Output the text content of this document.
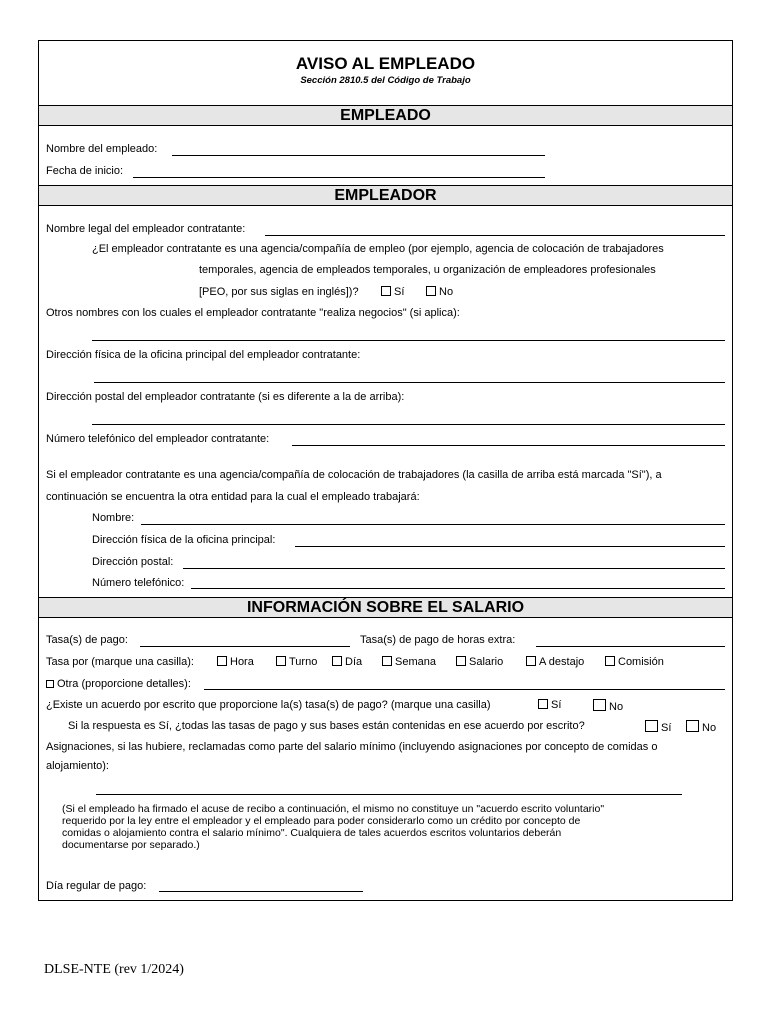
AVISO AL EMPLEADO
Sección 2810.5 del Código de Trabajo
EMPLEADO
Nombre del empleado:
Fecha de inicio:
EMPLEADOR
Nombre legal del empleador contratante:
¿El empleador contratante es una agencia/compañía de empleo (por ejemplo, agencia de colocación de trabajadores
temporales, agencia de empleados temporales, u organización de empleadores profesionales
[PEO, por sus siglas en inglés])?	Sí	No
Otros nombres con los cuales el empleador contratante "realiza negocios" (si aplica):
Dirección física de la oficina principal del empleador contratante:
Dirección postal del empleador contratante (si es diferente a la de arriba):
Número telefónico del empleador contratante:
Si el empleador contratante es una agencia/compañía de colocación de trabajadores (la casilla de arriba está marcada "Sí"), a
continuación se encuentra la otra entidad para la cual el empleado trabajará:
Nombre:
Dirección física de la oficina principal:
Dirección postal:
Número telefónico:
INFORMACIÓN SOBRE EL SALARIO
Tasa(s) de pago:	Tasa(s) de pago de horas extra:
Tasa por (marque una casilla):	Hora	Turno	Día	Semana	Salario	A destajo	Comisión
Otra (proporcione detalles):
¿Existe un acuerdo por escrito que proporcione la(s) tasa(s) de pago? (marque una casilla)	Sí	No
Si la respuesta es Sí, ¿todas las tasas de pago y sus bases están contenidas en ese acuerdo por escrito?	Sí	No
Asignaciones, si las hubiere, reclamadas como parte del salario mínimo (incluyendo asignaciones por concepto de comidas o
alojamiento):
(Si el empleado ha firmado el acuse de recibo a continuación, el mismo no constituye un "acuerdo escrito voluntario"
requerido por la ley entre el empleador y el empleado para poder considerarlo como un crédito por concepto de
comidas o alojamiento contra el salario mínimo". Cualquiera de tales acuerdos escritos voluntarios deberán
documentarse por separado.)
Día regular de pago:
DLSE-NTE (rev 1/2024)
